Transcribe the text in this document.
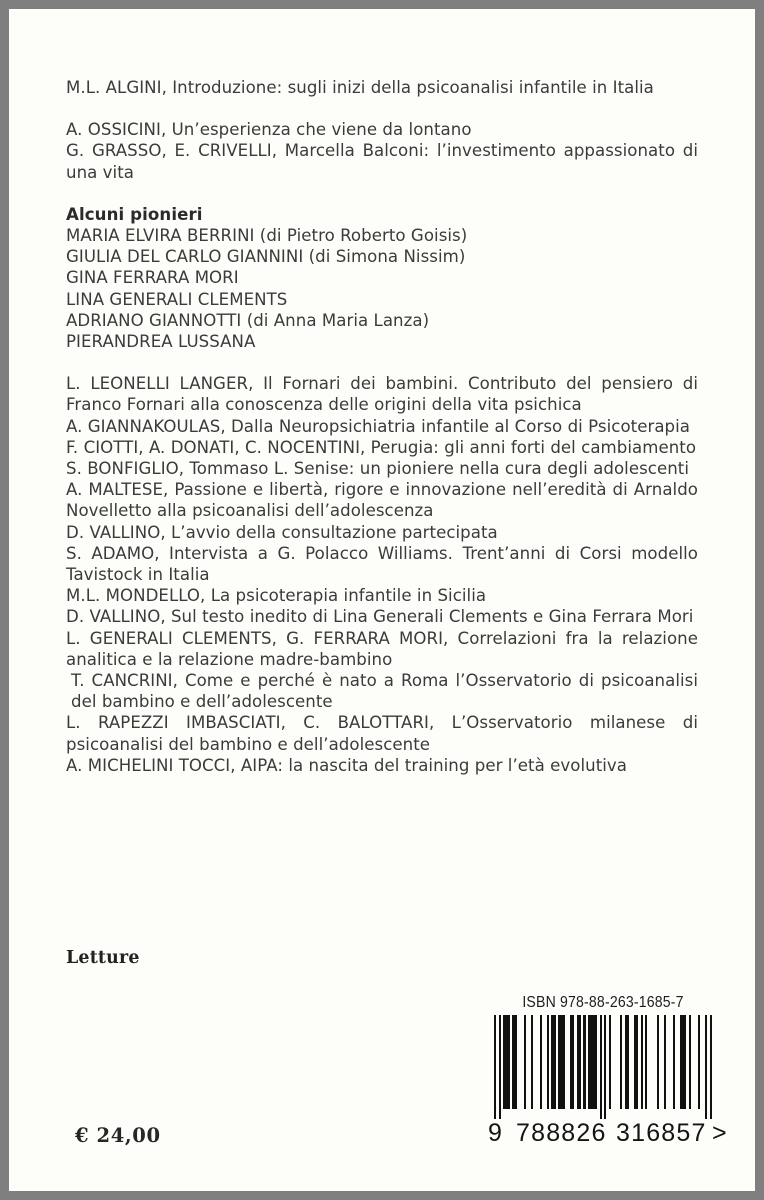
M.L. ALGINI, Introduzione: sugli inizi della psicoanalisi infantile in Italia

A. OSSICINI, Un’esperienza che viene da lontano

G. GRASSO, E. CRIVELLI, Marcella Balconi: l’investimento appassionato di una vita

Alcuni pionieri

MARIA ELVIRA BERRINI (di Pietro Roberto Goisis)

GIULIA DEL CARLO GIANNINI (di Simona Nissim)

GINA FERRARA MORI

LINA GENERALI CLEMENTS

ADRIANO GIANNOTTI (di Anna Maria Lanza)

PIERANDREA LUSSANA

L. LEONELLI LANGER, Il Fornari dei bambini. Contributo del pensiero di Franco Fornari alla conoscenza delle origini della vita psichica

A. GIANNAKOULAS, Dalla Neuropsichiatria infantile al Corso di Psicoterapia

F. CIOTTI, A. DONATI, C. NOCENTINI, Perugia: gli anni forti del cambiamento

S. BONFIGLIO, Tommaso L. Senise: un pioniere nella cura degli adolescenti

A. MALTESE, Passione e libertà, rigore e innovazione nell’eredità di Arnaldo Novelletto alla psicoanalisi dell’adolescenza

D. VALLINO, L’avvio della consultazione partecipata

S. ADAMO, Intervista a G. Polacco Williams. Trent’anni di Corsi modello Tavistock in Italia

M.L. MONDELLO, La psicoterapia infantile in Sicilia

D. VALLINO, Sul testo inedito di Lina Generali Clements e Gina Ferrara Mori

L. GENERALI CLEMENTS, G. FERRARA MORI, Correlazioni fra la relazione analitica e la relazione madre-bambino

T. CANCRINI, Come e perché è nato a Roma l’Osservatorio di psicoanalisi del bambino e dell’adolescente

L. RAPEZZI IMBASCIATI, C. BALOTTARI, L’Osservatorio milanese di psicoanalisi del bambino e dell’adolescente

A. MICHELINI TOCCI, AIPA: la nascita del training per l’età evolutiva

Letture
€ 24,00
ISBN 978-88-263-1685-7
9 788826 316857 >
